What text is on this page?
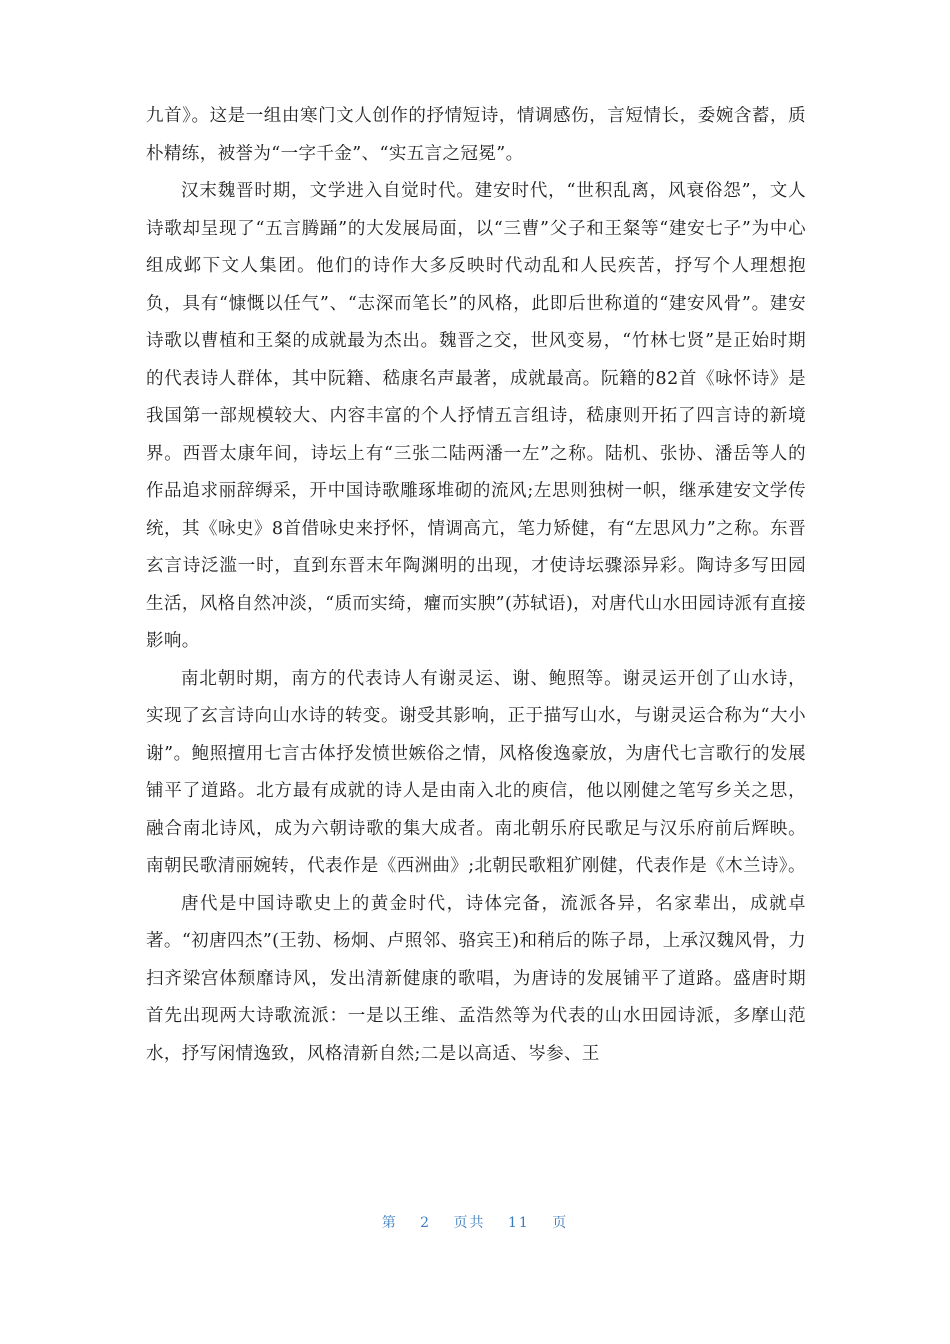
九首》。这是一组由寒门文人创作的抒情短诗，情调感伤，言短情长，委婉含蓄，质朴精练，被誉为“一字千金”、“实五言之冠冕”。

汉末魏晋时期，文学进入自觉时代。建安时代，“世积乱离，风衰俗怨”，文人诗歌却呈现了“五言腾踊”的大发展局面，以“三曹”父子和王粲等“建安七子”为中心组成邺下文人集团。他们的诗作大多反映时代动乱和人民疾苦，抒写个人理想抱负，具有“慷慨以任气”、“志深而笔长”的风格，此即后世称道的“建安风骨”。建安诗歌以曹植和王粲的成就最为杰出。魏晋之交，世风变易，“竹林七贤”是正始时期的代表诗人群体，其中阮籍、嵇康名声最著，成就最高。阮籍的82首《咏怀诗》是我国第一部规模较大、内容丰富的个人抒情五言组诗，嵇康则开拓了四言诗的新境界。西晋太康年间，诗坛上有“三张二陆两潘一左”之称。陆机、张协、潘岳等人的作品追求丽辞缛采，开中国诗歌雕琢堆砌的流风;左思则独树一帜，继承建安文学传统，其《咏史》8首借咏史来抒怀，情调高亢，笔力矫健，有“左思风力”之称。东晋玄言诗泛滥一时，直到东晋末年陶渊明的出现，才使诗坛骤添异彩。陶诗多写田园生活，风格自然冲淡，“质而实绮，癯而实腴”(苏轼语)，对唐代山水田园诗派有直接影响。

南北朝时期，南方的代表诗人有谢灵运、谢、鲍照等。谢灵运开创了山水诗，实现了玄言诗向山水诗的转变。谢受其影响，正于描写山水，与谢灵运合称为“大小谢”。鲍照擅用七言古体抒发愤世嫉俗之情，风格俊逸豪放，为唐代七言歌行的发展铺平了道路。北方最有成就的诗人是由南入北的庾信，他以刚健之笔写乡关之思，融合南北诗风，成为六朝诗歌的集大成者。南北朝乐府民歌足与汉乐府前后辉映。南朝民歌清丽婉转，代表作是《西洲曲》;北朝民歌粗犷刚健，代表作是《木兰诗》。

唐代是中国诗歌史上的黄金时代，诗体完备，流派各异，名家辈出，成就卓著。“初唐四杰”(王勃、杨炯、卢照邻、骆宾王)和稍后的陈子昂，上承汉魏风骨，力扫齐梁宫体颓靡诗风，发出清新健康的歌唱，为唐诗的发展铺平了道路。盛唐时期首先出现两大诗歌流派：一是以王维、孟浩然等为代表的山水田园诗派，多摩山范水，抒写闲情逸致，风格清新自然;二是以高适、岑参、王

第 2 页共 11 页
